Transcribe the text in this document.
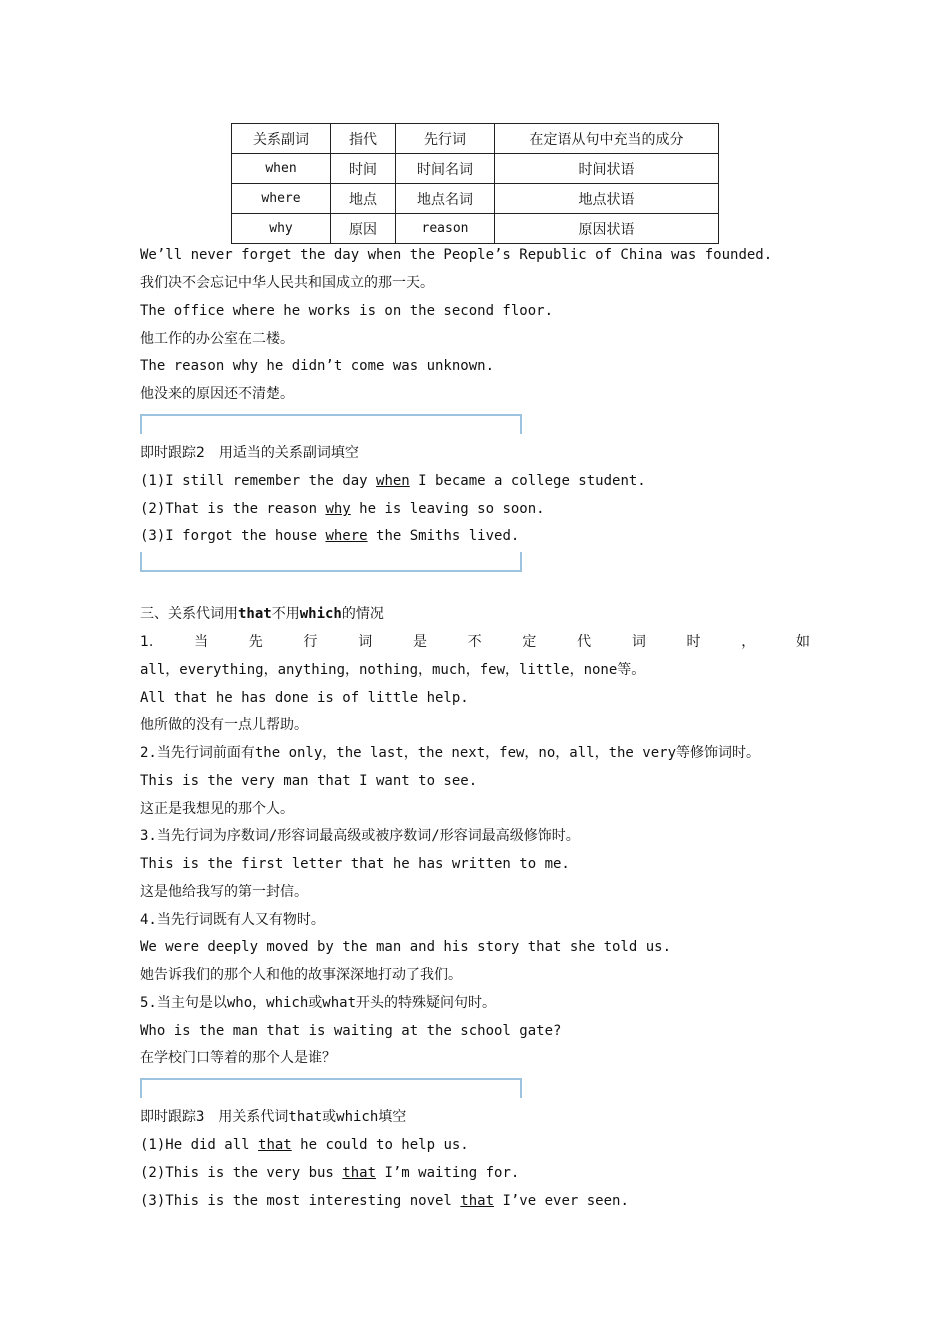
关系副词	指代	先行词	在定语从句中充当的成分
when	时间	时间名词	时间状语
where	地点	地点名词	地点状语
why	原因	reason	原因状语
We’ll never forget the day when the People’s Republic of China was founded.
我们决不会忘记中华人民共和国成立的那一天。
The office where he works is on the second floor.
他工作的办公室在二楼。
The reason why he didn’t come was unknown.
他没来的原因还不清楚。
即时跟踪2　用适当的关系副词填空
(1)I still remember the day when I became a college student.
(2)That is the reason why he is leaving so soon.
(3)I forgot the house where the Smiths lived.
三、关系代词用that不用which的情况
1.	当	先	行	词	是	不	定	代	词	时	，	如
all，everything，anything，nothing，much，few，little，none等。
All that he has done is of little help.
他所做的没有一点儿帮助。
2.当先行词前面有the only，the last，the next，few，no，all，the very等修饰词时。
This is the very man that I want to see.
这正是我想见的那个人。
3.当先行词为序数词/形容词最高级或被序数词/形容词最高级修饰时。
This is the first letter that he has written to me.
这是他给我写的第一封信。
4.当先行词既有人又有物时。
We were deeply moved by the man and his story that she told us.
她告诉我们的那个人和他的故事深深地打动了我们。
5.当主句是以who，which或what开头的特殊疑问句时。
Who is the man that is waiting at the school gate?
在学校门口等着的那个人是谁？
即时跟踪3　用关系代词that或which填空
(1)He did all that he could to help us.
(2)This is the very bus that I’m waiting for.
(3)This is the most interesting novel that I’ve ever seen.
